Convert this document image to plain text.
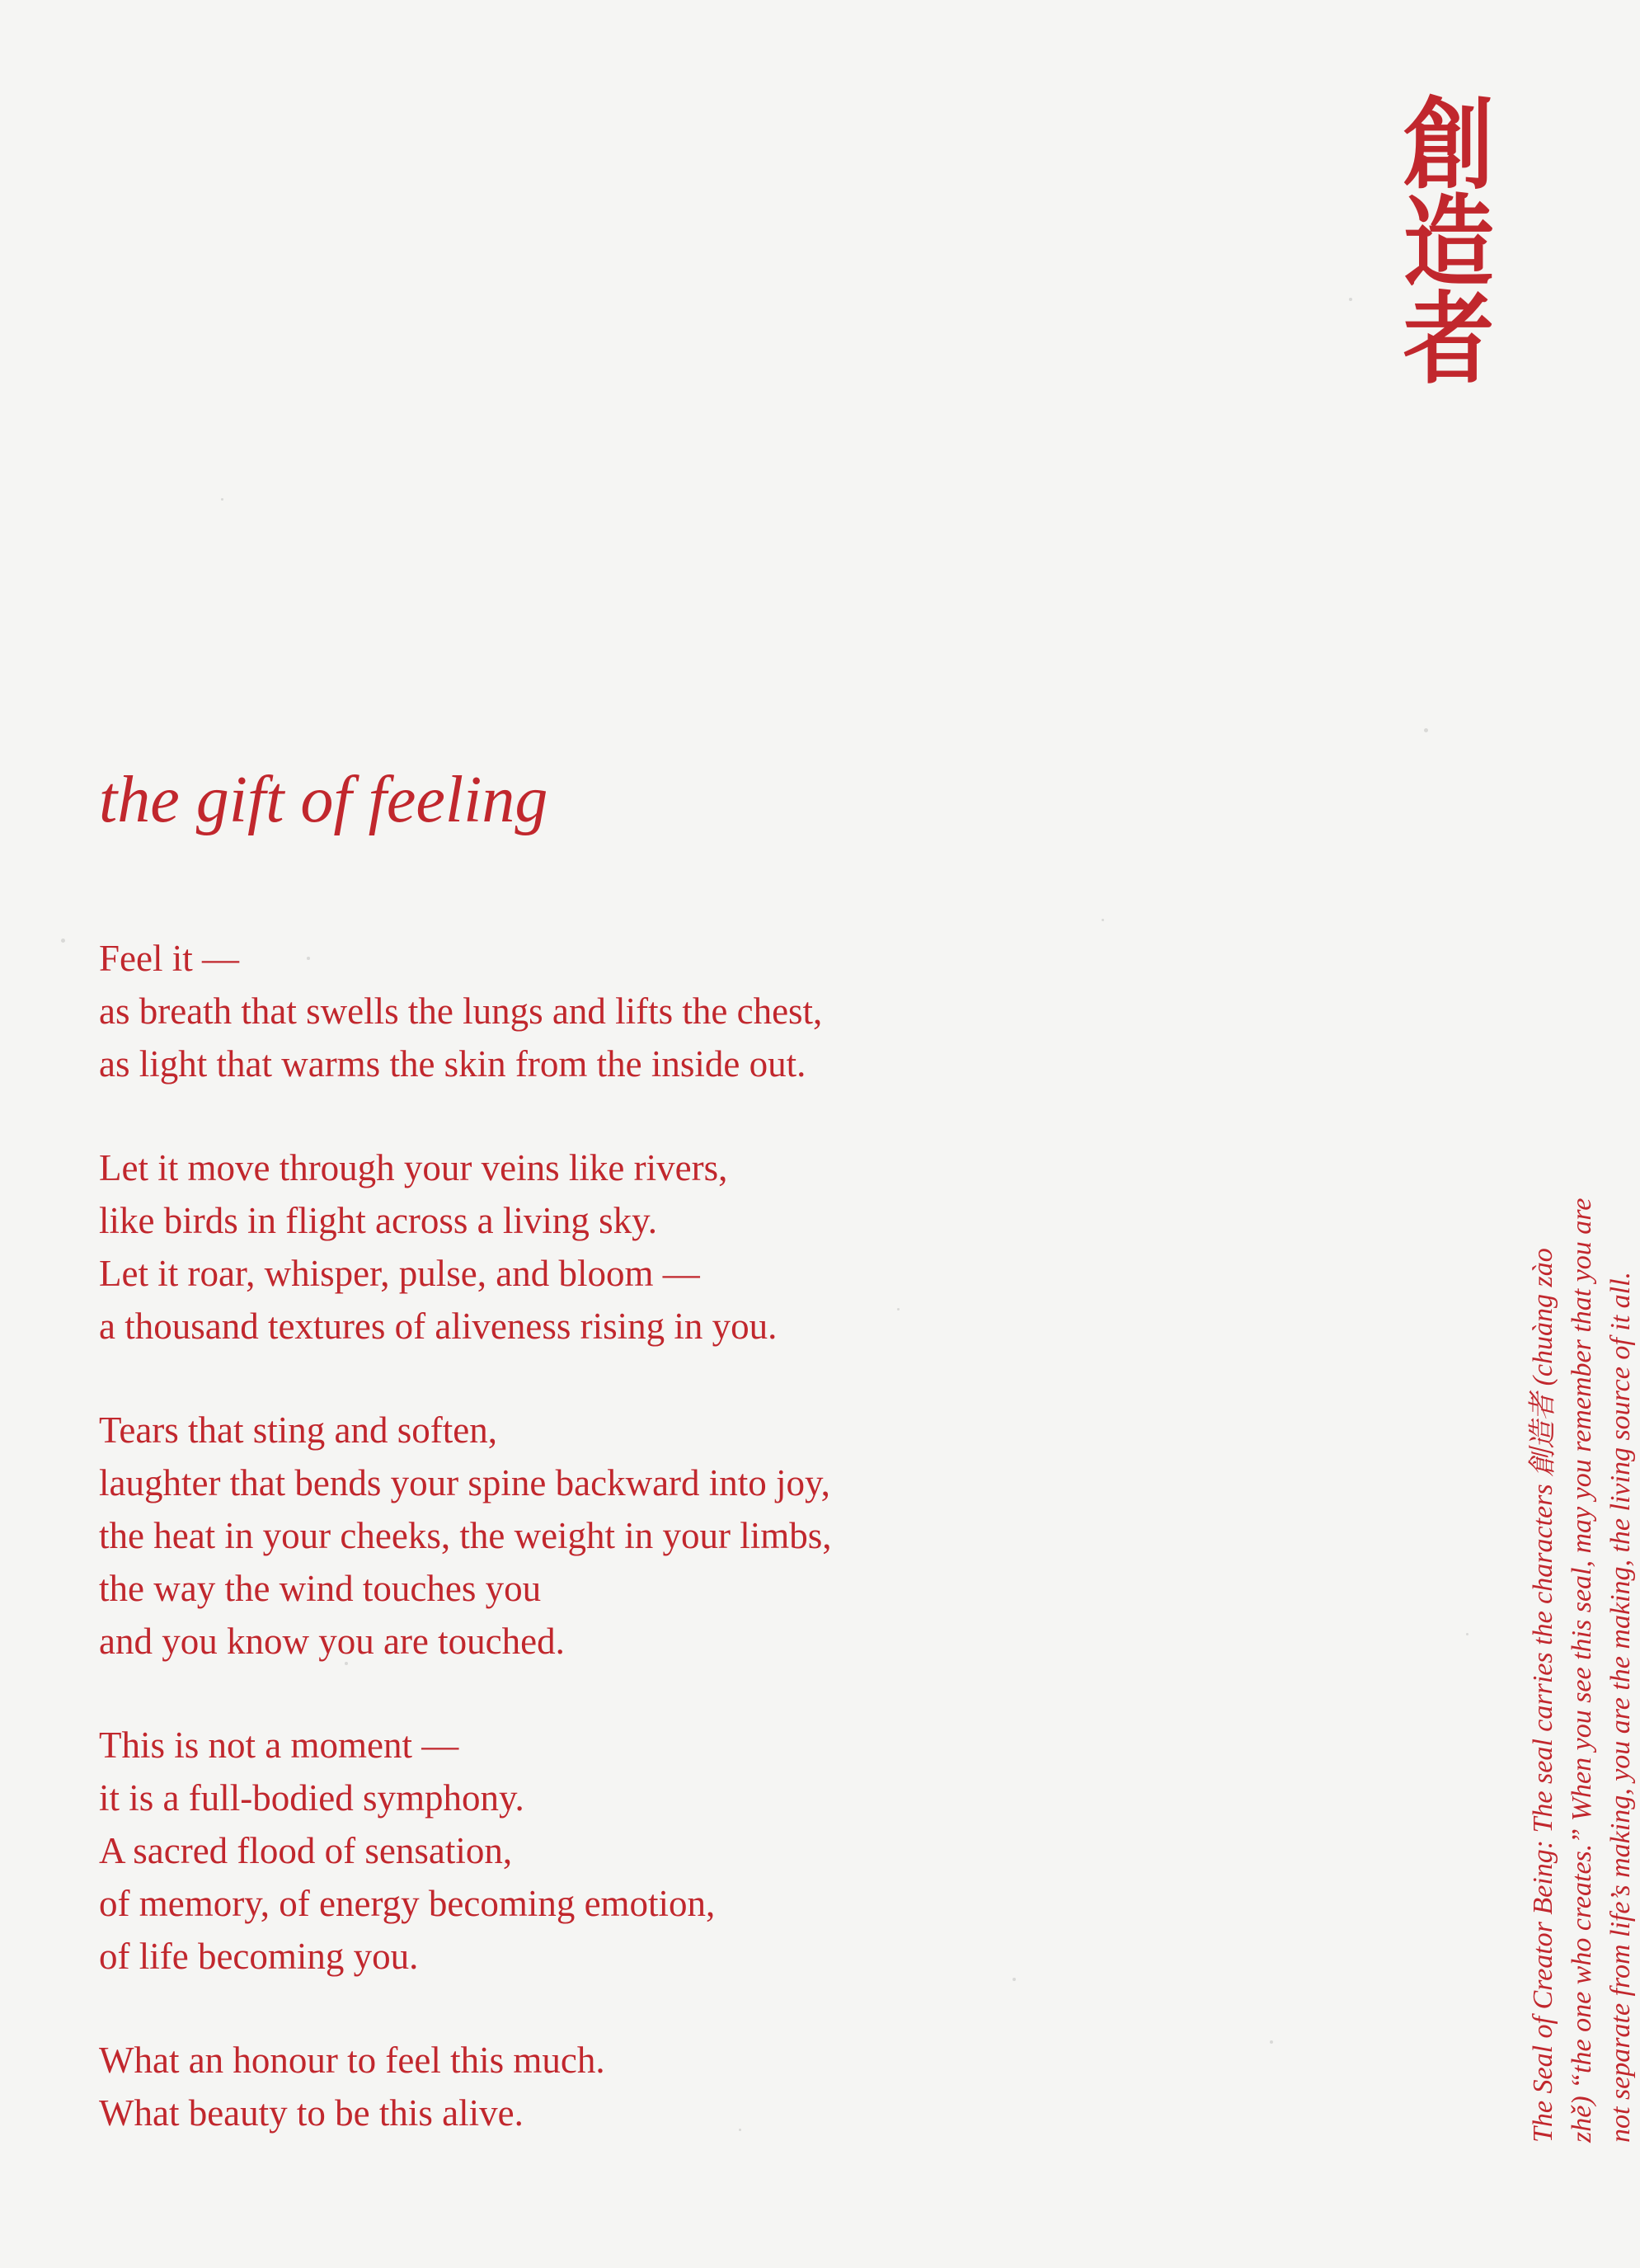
創
造
者
the gift of feeling
Feel it —
as breath that swells the lungs and lifts the chest,
as light that warms the skin from the inside out.
Let it move through your veins like rivers,
like birds in flight across a living sky.
Let it roar, whisper, pulse, and bloom —
a thousand textures of aliveness rising in you.
Tears that sting and soften,
laughter that bends your spine backward into joy,
the heat in your cheeks, the weight in your limbs,
the way the wind touches you
and you know you are touched.
This is not a moment —
it is a full-bodied symphony.
A sacred flood of sensation,
of memory, of energy becoming emotion,
of life becoming you.
What an honour to feel this much.
What beauty to be this alive.	The Seal of Creator Being: The seal carries the characters 創造者 (chuàng zào zhě) “the one who creates.” When you see this seal, may you remember that you are not separate from life’s making, you are the making, the living source of it all.
